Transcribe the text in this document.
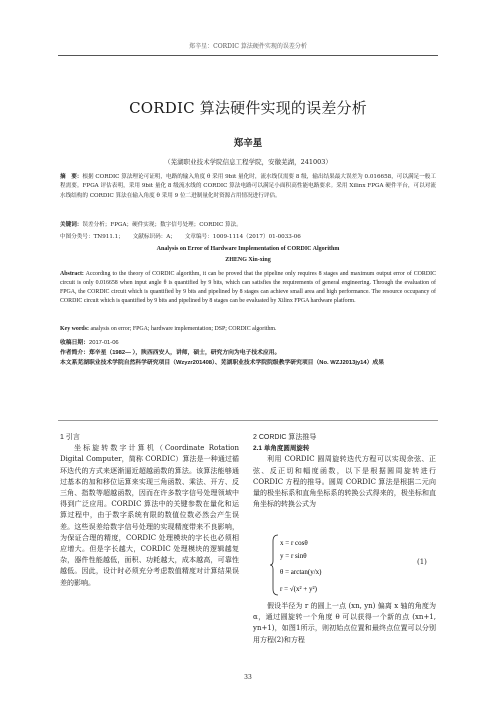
郑辛星：CORDIC 算法硬件实现的误差分析
CORDIC 算法硬件实现的误差分析
郑辛星
（芜湖职业技术学院信息工程学院，安徽芜湖，241003）
摘　要：根据 CORDIC 算法理论可证明，电路的输入角度 θ 采用 9bit 量化时，流水线仅需要 8 级，输出结果最大误差为 0.016658，可以满足一般工程需要。FPGA 评估表明，采用 9bit 量化 8 级流水线的 CORDIC 算法电路可以满足小面积高性能电路要求。采用 Xilinx FPGA 硬件平台，可以对流水线结构的 CORDIC 算法在输入角度 θ 采用 9 位二进制量化时资源占用情况进行评估。
关键词：误差分析；FPGA；硬件实现；数字信号处理；CORDIC 算法。
中图分类号：TN911.1； 文献标识码：A； 文章编号：1009-1114（2017）01-0033-06
Analysis on Error of Hardware Implementation of CORDIC Algorithm
ZHENG Xin-xing
Abstract: According to the theory of CORDIC algorithm, it can be proved that the pipeline only requires 8 stages and maximum output error of CORDIC circuit is only 0.016658 when input angle θ is quantified by 9 bits, which can satisfies the requirements of general engineering. Through the evaluation of FPGA, the CORDIC circuit which is quantified by 9 bits and pipelined by 8 stages can achieve small area and high performance. The resource occupancy of CORDIC circuit which is quantified by 9 bits and pipelined by 8 stages can be evaluated by Xilinx FPGA hardware platform.
Key words: analysis on error; FPGA; hardware implementation; DSP; CORDIC algorithm.
收稿日期：2017-01-06
作者简介：郑辛星（1982— ），陕西西安人，讲师，硕士，研究方向为电子技术应用。
本文系芜湖职业技术学院自然科学研究项目（Wzyzr201408）、芜湖职业技术学院院级教学研究项目（No. WZJ2013jy14）成果

1 引言

坐标旋转数字计算机（Coordinate Rotation Digital Computer，简称 CORDIC）算法是一种通过循环迭代的方式来逐渐逼近超越函数的算法。该算法能够通过基本的加和移位运算来实现三角函数、乘法、开方、反三角、指数等超越函数，因而在许多数字信号处理领域中得到广泛应用。CORDIC 算法中的关键参数在量化和运算过程中，由于数字系统有限的数值位数必然会产生误差。这些误差给数字信号处理的实现精度带来不良影响，为保证合理的精度，CORDIC 处理模块的字长也必须相应增大。但是字长越大，CORDIC 处理模块的逻辑越复杂，器件性能越低，面积、功耗越大，成本越高，可靠性越低。因此，设计时必须充分考虑数值精度对计算结果误差的影响。

2 CORDIC 算法推导

2.1 单角度圆周旋转

利用 CORDIC 圆周旋转迭代方程可以实现余弦、正弦、反正切和幅度函数，以下是根据圆周旋转进行 CORDIC 方程的推导。圆周 CORDIC 算法是根据二元向量的极坐标系和直角坐标系的转换公式得来的，极坐标和直角坐标的转换公式为

x = r cosθ
y = r sinθ
θ = arctan(y/x)
r = √(x² + y²)
(1)

假设半径为 r 的圆上一点 (xn, yn) 偏离 x 轴的角度为 α，通过圆旋转一个角度 θ 可以获得一个新的点 (xn+1, yn+1)，如图1所示，则初始点位置和最终点位置可以分别用方程(2)和方程

33
